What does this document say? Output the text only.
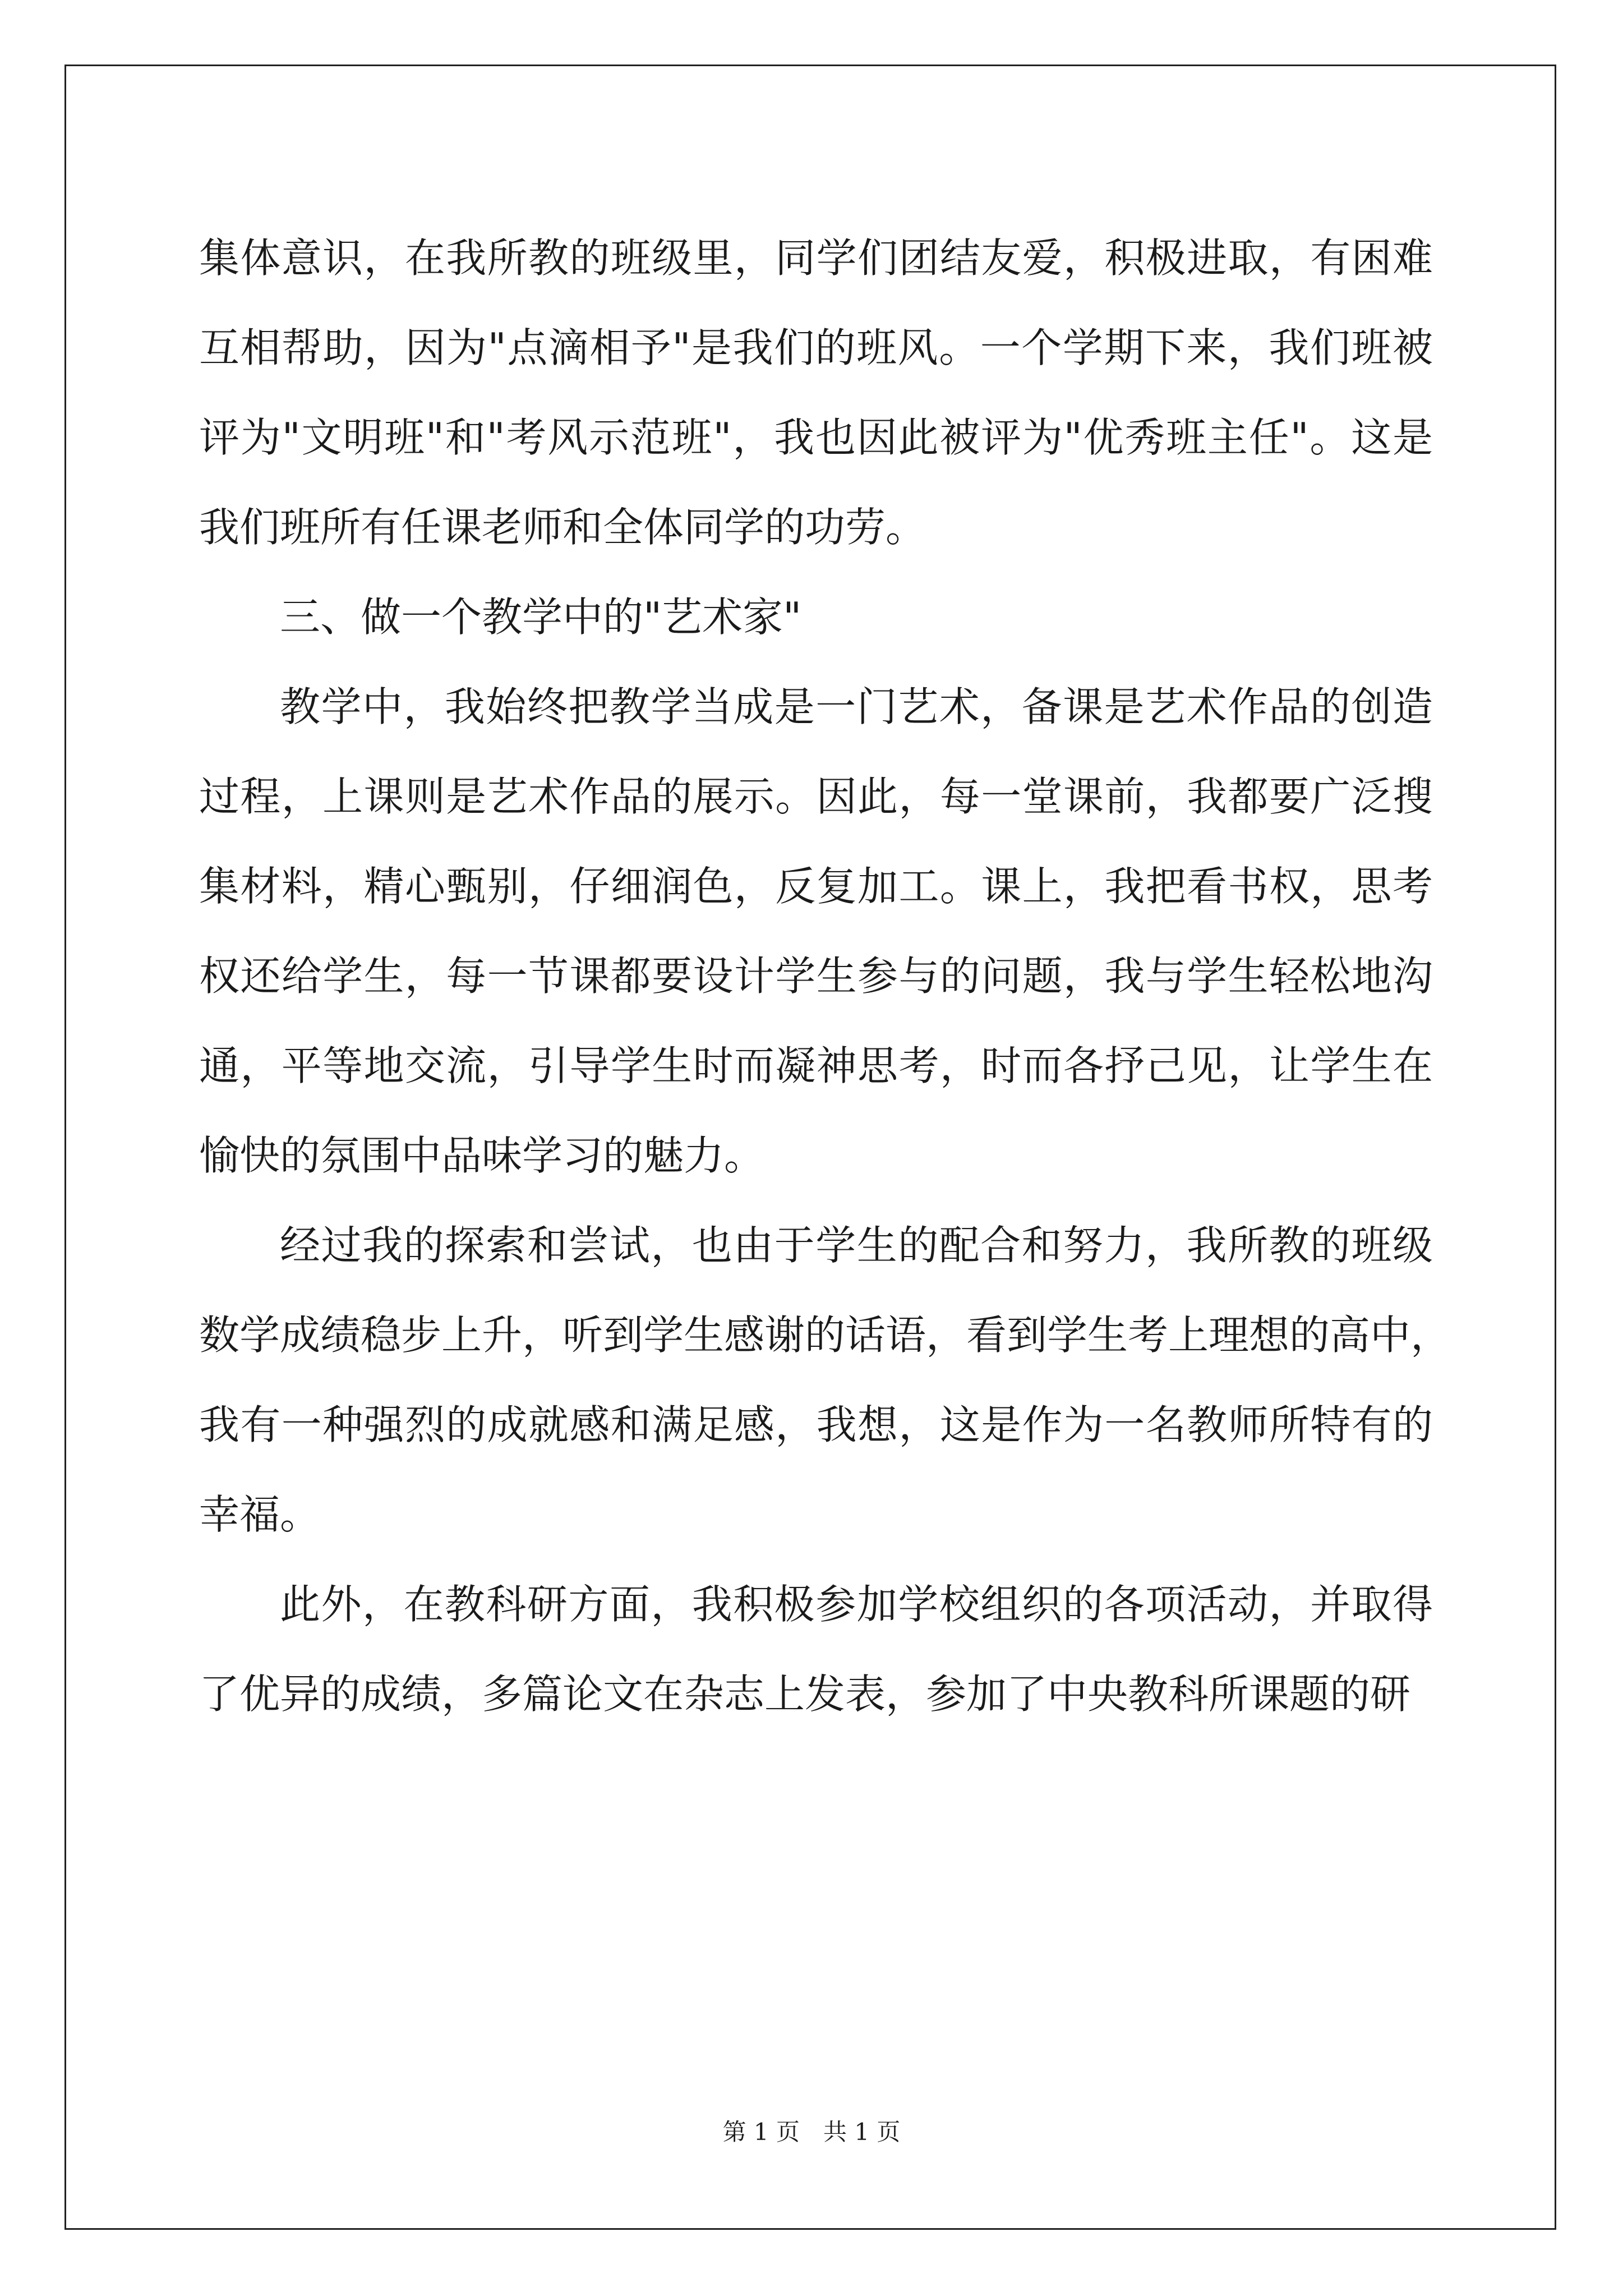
集体意识，在我所教的班级里，同学们团结友爱，积极进取，有困难
互相帮助，因为"点滴相予"是我们的班风。一个学期下来，我们班被
评为"文明班"和"考风示范班"，我也因此被评为"优秀班主任"。这是
我们班所有任课老师和全体同学的功劳。
三、做一个教学中的"艺术家"
教学中，我始终把教学当成是一门艺术，备课是艺术作品的创造
过程，上课则是艺术作品的展示。因此，每一堂课前，我都要广泛搜
集材料，精心甄别，仔细润色，反复加工。课上，我把看书权，思考
权还给学生，每一节课都要设计学生参与的问题，我与学生轻松地沟
通，平等地交流，引导学生时而凝神思考，时而各抒己见，让学生在
愉快的氛围中品味学习的魅力。
经过我的探索和尝试，也由于学生的配合和努力，我所教的班级
数学成绩稳步上升，听到学生感谢的话语，看到学生考上理想的高中，
我有一种强烈的成就感和满足感，我想，这是作为一名教师所特有的
幸福。
此外，在教科研方面，我积极参加学校组织的各项活动，并取得
了优异的成绩，多篇论文在杂志上发表，参加了中央教科所课题的研
第 1 页　共 1 页
